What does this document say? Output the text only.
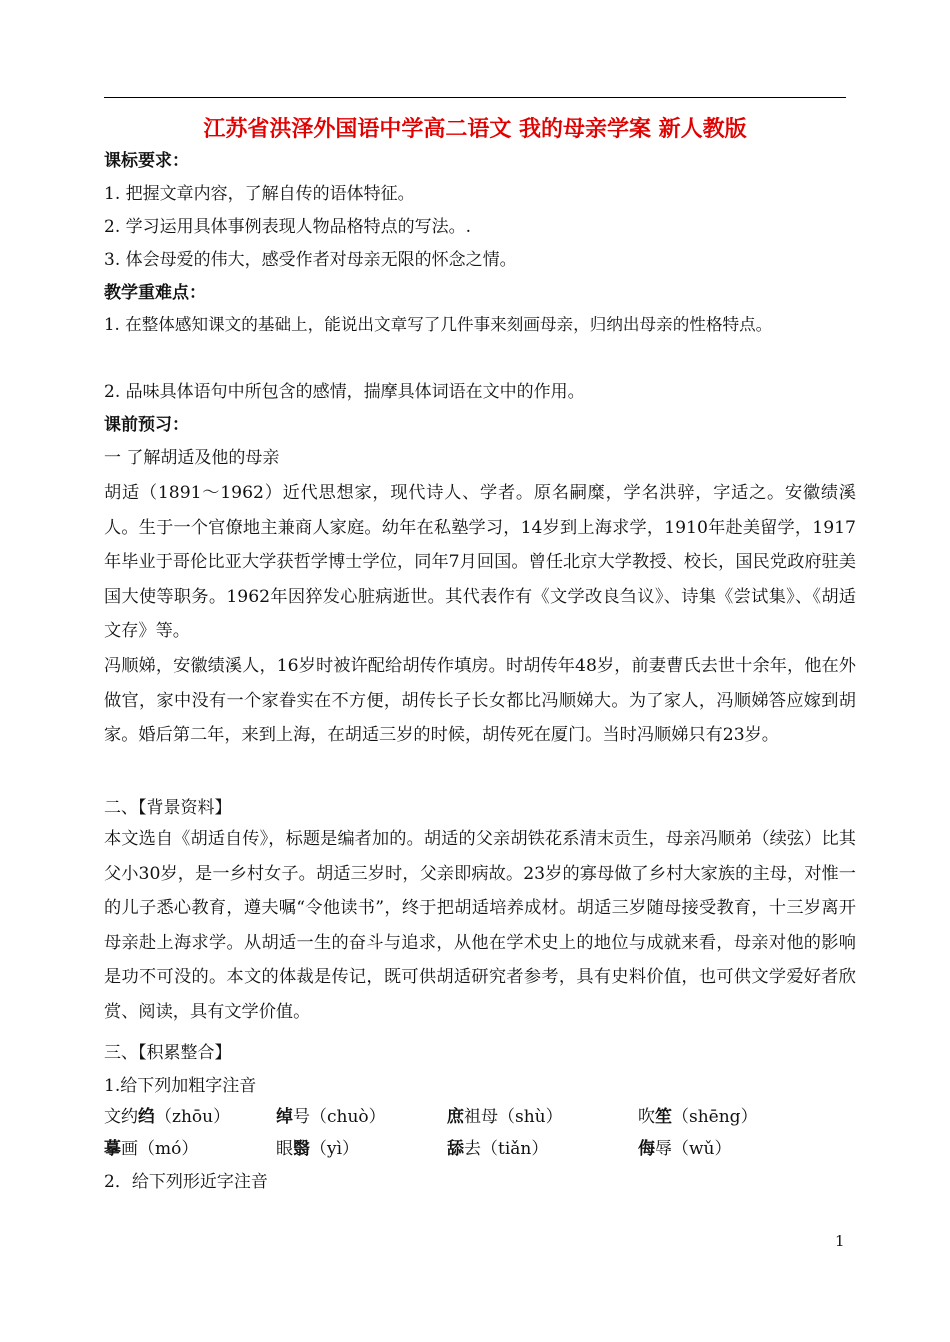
江苏省洪泽外国语中学高二语文 我的母亲学案 新人教版
课标要求：
1. 把握文章内容，了解自传的语体特征。
2. 学习运用具体事例表现人物品格特点的写法。.
3. 体会母爱的伟大，感受作者对母亲无限的怀念之情。
教学重难点：
1. 在整体感知课文的基础上，能说出文章写了几件事来刻画母亲，归纳出母亲的性格特点。
2. 品味具体语句中所包含的感情，揣摩具体词语在文中的作用。
课前预习：
一 了解胡适及他的母亲
胡适（1891～1962）近代思想家，现代诗人、学者。原名嗣糜，学名洪骍，字适之。安徽绩溪人。生于一个官僚地主兼商人家庭。幼年在私塾学习，14岁到上海求学，1910年赴美留学，1917年毕业于哥伦比亚大学获哲学博士学位，同年7月回国。曾任北京大学教授、校长，国民党政府驻美国大使等职务。1962年因猝发心脏病逝世。其代表作有《文学改良刍议》、诗集《尝试集》、《胡适文存》等。
冯顺娣，安徽绩溪人，16岁时被许配给胡传作填房。时胡传年48岁，前妻曹氏去世十余年，他在外做官，家中没有一个家眷实在不方便，胡传长子长女都比冯顺娣大。为了家人，冯顺娣答应嫁到胡家。婚后第二年，来到上海，在胡适三岁的时候，胡传死在厦门。当时冯顺娣只有23岁。
二、【背景资料】
本文选自《胡适自传》，标题是编者加的。胡适的父亲胡铁花系清末贡生，母亲冯顺弟（续弦）比其父小30岁，是一乡村女子。胡适三岁时，父亲即病故。23岁的寡母做了乡村大家族的主母，对惟一的儿子悉心教育，遵夫嘱“令他读书”，终于把胡适培养成材。胡适三岁随母接受教育，十三岁离开母亲赴上海求学。从胡适一生的奋斗与追求，从他在学术史上的地位与成就来看，母亲对他的影响是功不可没的。本文的体裁是传记，既可供胡适研究者参考，具有史料价值，也可供文学爱好者欣赏、阅读，具有文学价值。
三、【积累整合】
1.给下列加粗字注音
文约绉（zhōu）	绰号（chuò）	庶祖母（shù）	吹笙（shēng）
摹画（mó）	眼翳（yì）	舔去（tiǎn）	侮辱（wǔ）
2．给下列形近字注音
1
